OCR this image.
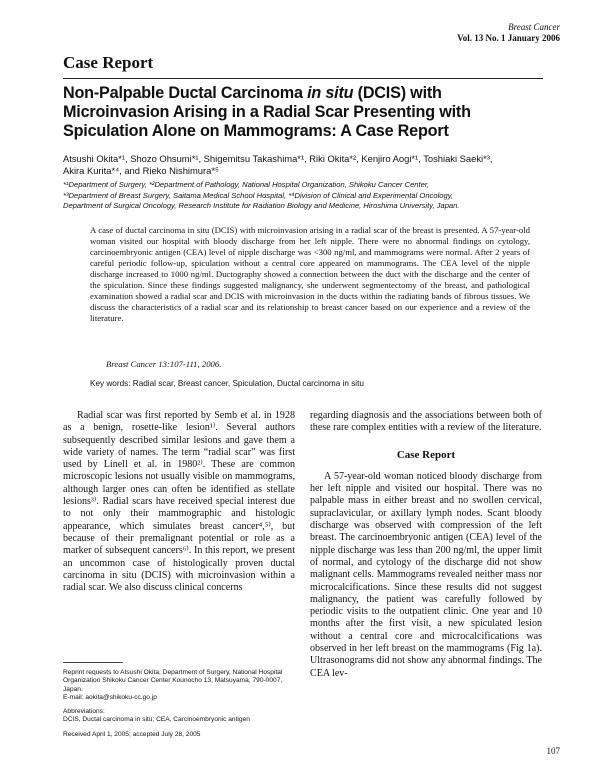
Breast Cancer
Vol. 13 No. 1 January 2006
Case Report
Non-Palpable Ductal Carcinoma in situ (DCIS) with Microinvasion Arising in a Radial Scar Presenting with Spiculation Alone on Mammograms: A Case Report
Atsushi Okita*¹, Shozo Ohsumi*¹, Shigemitsu Takashima*¹, Riki Okita*², Kenjiro Aogi*¹, Toshiaki Saeki*³,
Akira Kurita*⁴, and Rieko Nishimura*⁵
*¹Department of Surgery, *²Department of Pathology, National Hospital Organization, Shikoku Cancer Center,
*³Department of Breast Surgery, Saitama Medical School Hospital, *⁴Division of Clinical and Experimental Oncology,
Department of Surgical Oncology, Research Institute for Radiation Biology and Medicine, Hiroshima University, Japan.
A case of ductal carcinoma in situ (DCIS) with microinvasion arising in a radial scar of the breast is presented. A 57-year-old woman visited our hospital with bloody discharge from her left nipple. There were no abnormal findings on cytology, carcinoembryonic antigen (CEA) level of nipple discharge was <300 ng/ml, and mammograms were normal. After 2 years of careful periodic follow-up, spiculation without a central core appeared on mammograms. The CEA level of the nipple discharge increased to 1000 ng/ml. Ductography showed a connection between the duct with the discharge and the center of the spiculation. Since these findings suggested malignancy, she underwent segmentectomy of the breast, and pathological examination showed a radial scar and DCIS with microinvasion in the ducts within the radiating bands of fibrous tissues. We discuss the characteristics of a radial scar and its relationship to breast cancer based on our experience and a review of the literature.
Breast Cancer 13:107-111, 2006.
Key words: Radial scar, Breast cancer, Spiculation, Ductal carcinoma in situ

Radial scar was first reported by Semb et al. in 1928 as a benign, rosette-like lesion¹⁾. Several authors subsequently described similar lesions and gave them a wide variety of names. The term “radial scar” was first used by Linell et al. in 1980²⁾. These are common microscopic lesions not usually visible on mammograms, although larger ones can often be identified as stellate lesions³⁾. Radial scars have received special interest due to not only their mammographic and histologic appearance, which simulates breast cancer⁴,⁵⁾, but because of their premalignant potential or role as a marker of subsequent cancers⁶⁾. In this report, we present an uncommon case of histologically proven ductal carcinoma in situ (DCIS) with microinvasion within a radial scar. We also discuss clinical concerns

regarding diagnosis and the associations between both of these rare complex entities with a review of the literature.

Case Report

A 57-year-old woman noticed bloody discharge from her left nipple and visited our hospital. There was no palpable mass in either breast and no swollen cervical, supraclavicular, or axillary lymph nodes. Scant bloody discharge was observed with compression of the left breast. The carcinoembryonic antigen (CEA) level of the nipple discharge was less than 200 ng/ml, the upper limit of normal, and cytology of the discharge did not show malignant cells. Mammograms revealed neither mass nor microcalcifications. Since these results did not suggest malignancy, the patient was carefully followed by periodic visits to the outpatient clinic. One year and 10 months after the first visit, a new spiculated lesion without a central core and microcalcifications was observed in her left breast on the mammograms (Fig 1a). Ultrasonograms did not show any abnormal findings. The CEA lev-

Reprint requests to Atsushi Okita, Department of Surgery, National Hospital Organization Shikoku Cancer Center Kounocho 13, Matsuyama, 790-0007, Japan.
E-mail: aokita@shikoku-cc.go.jp
Abbreviations:
DCIS, Ductal carcinoma in situ; CEA, Carcinoembryonic antigen
Received April 1, 2005; accepted July 28, 2005
107
